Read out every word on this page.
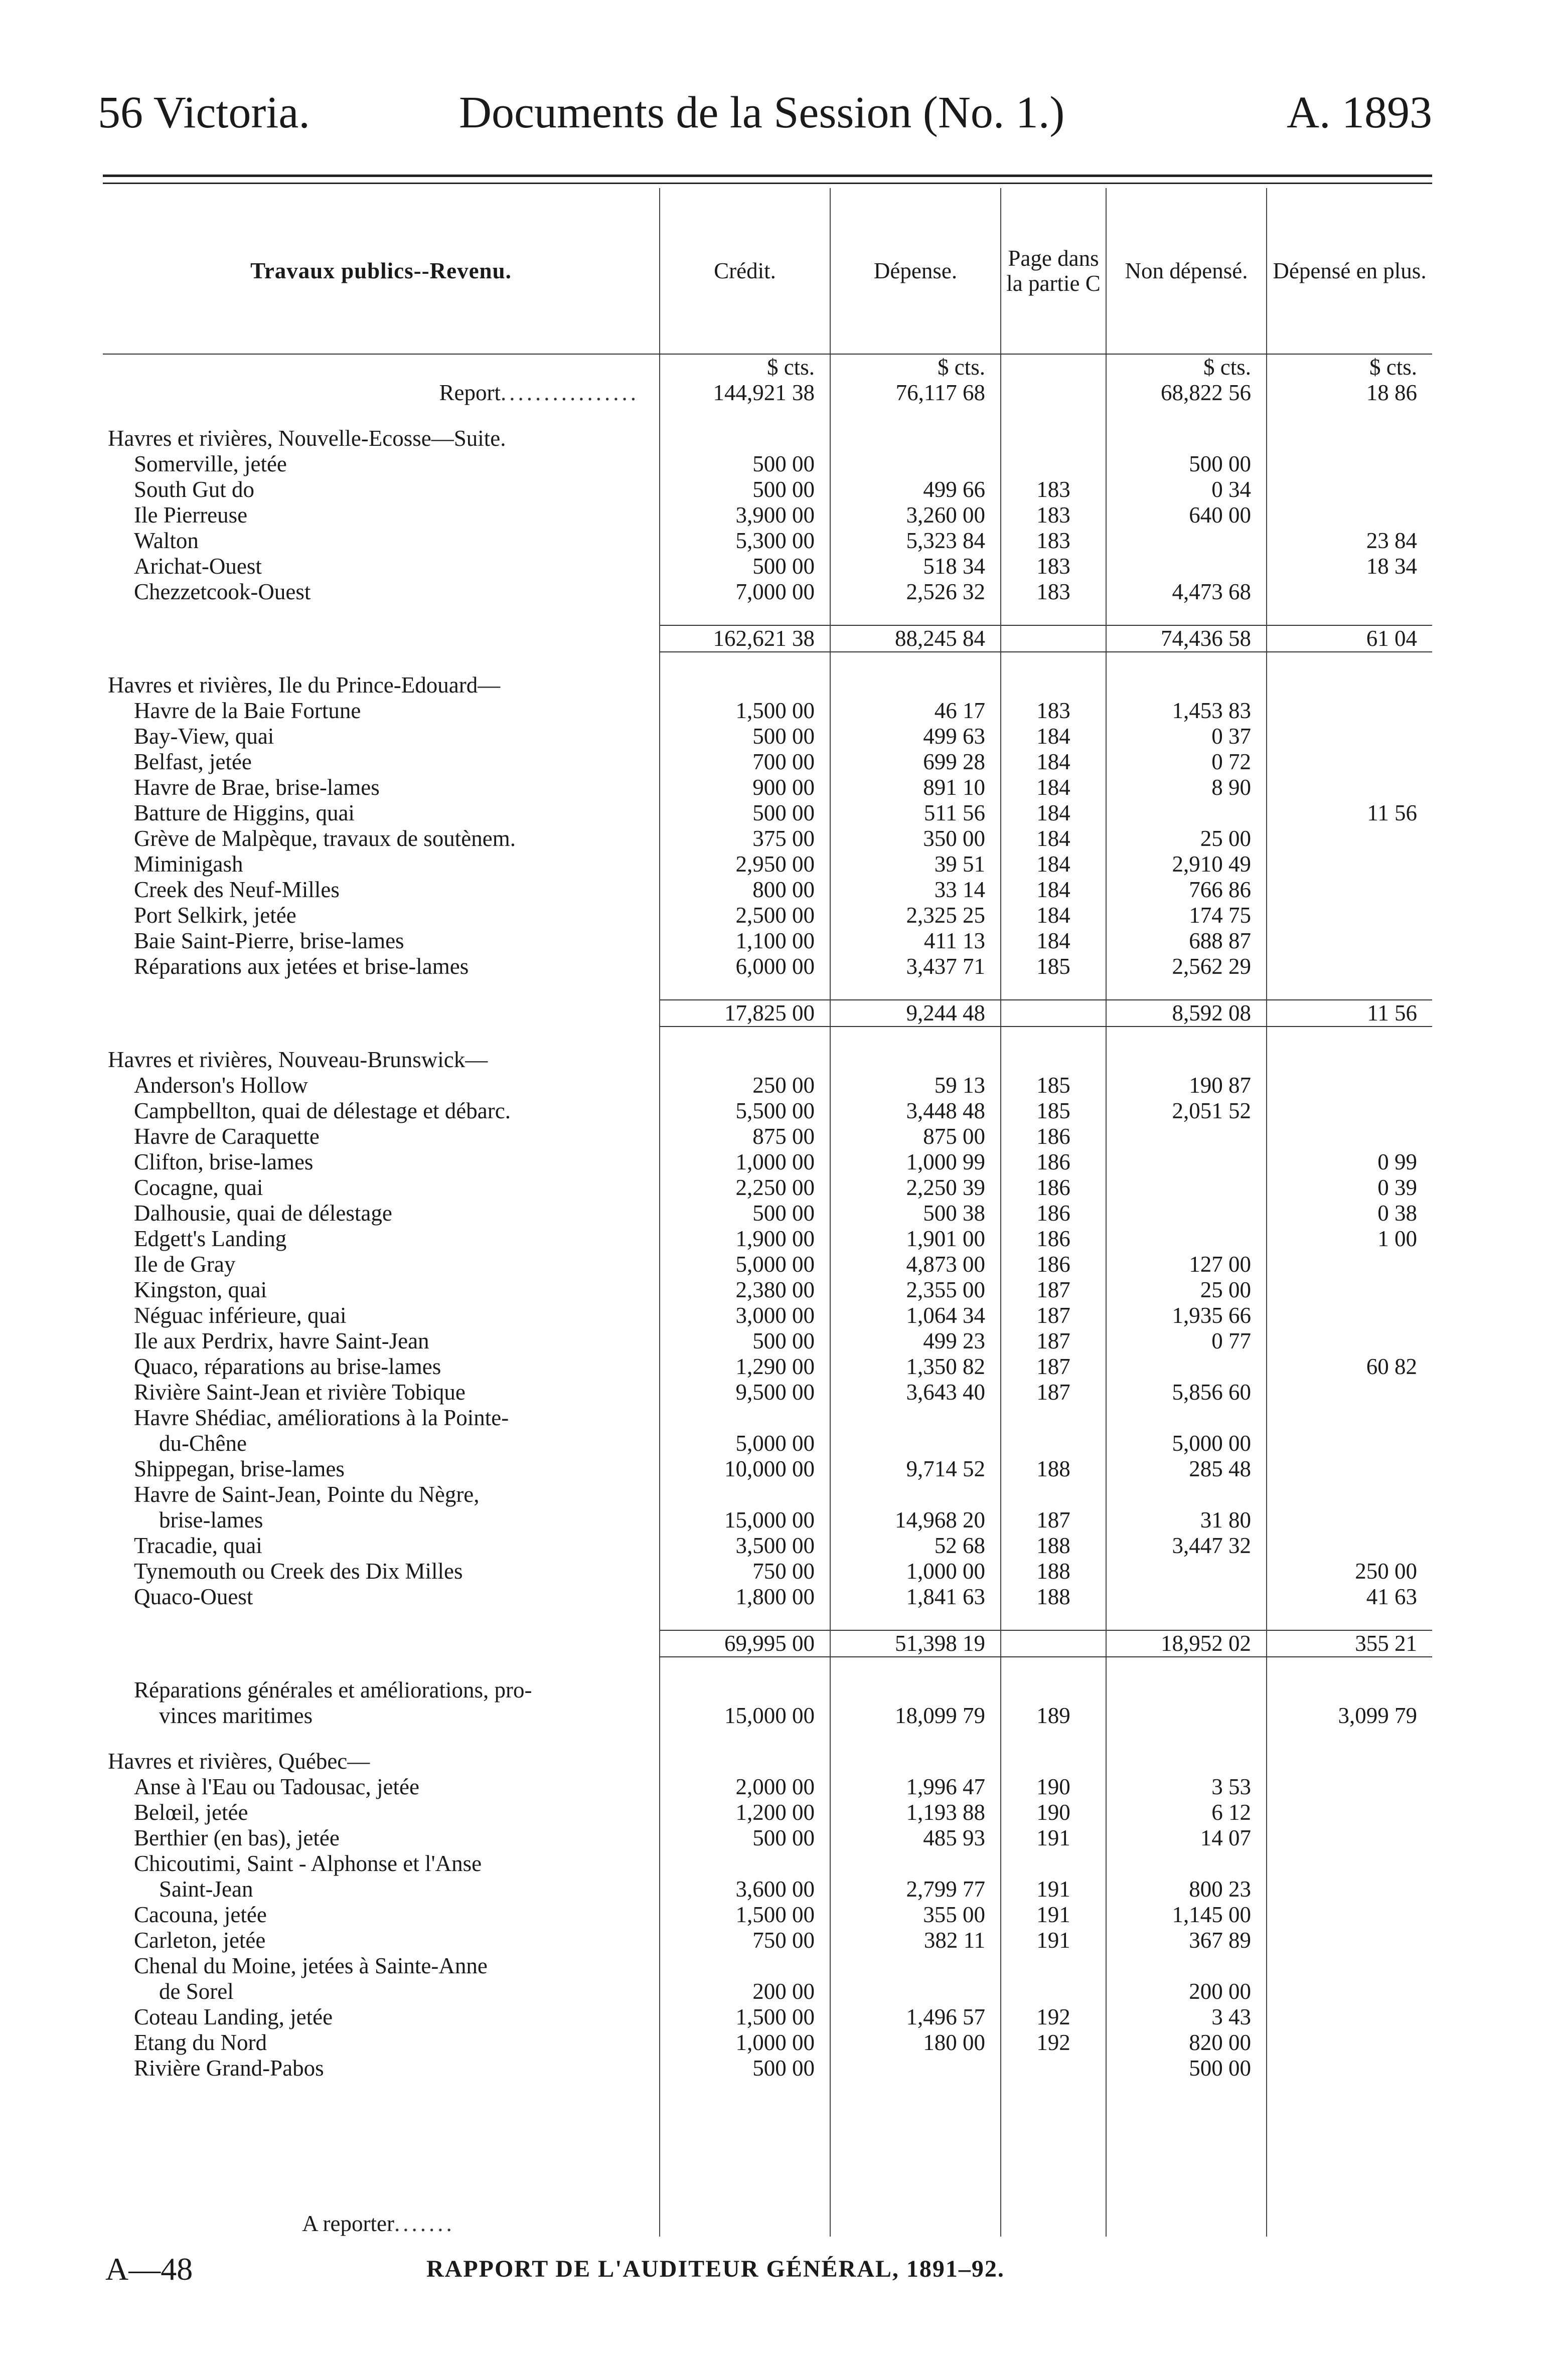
56 Victoria.	Documents de la Session (No. 1.)	A. 1893
Travaux publics--Revenu.	Crédit.	Dépense.	Page dans la partie C	Non dépensé.	Dépensé en plus.
	$ cts.	$ cts.		$ cts.	$ cts.
Report................	144,921 38	76,117 68		68,822 56	18 86

Havres et rivières, Nouvelle-Ecosse—Suite.					
Somerville, jetée	500 00			500 00	
South Gut do	500 00	499 66	183	0 34	
Ile Pierreuse	3,900 00	3,260 00	183	640 00	
Walton	5,300 00	5,323 84	183		23 84
Arichat-Ouest	500 00	518 34	183		18 34
Chezzetcook-Ouest	7,000 00	2,526 32	183	4,473 68	

	162,621 38	88,245 84		74,436 58	61 04

Havres et rivières, Ile du Prince-Edouard—					
Havre de la Baie Fortune	1,500 00	46 17	183	1,453 83	
Bay-View, quai	500 00	499 63	184	0 37	
Belfast, jetée	700 00	699 28	184	0 72	
Havre de Brae, brise-lames	900 00	891 10	184	8 90	
Batture de Higgins, quai	500 00	511 56	184		11 56
Grève de Malpèque, travaux de soutènem.	375 00	350 00	184	25 00	
Miminigash	2,950 00	39 51	184	2,910 49	
Creek des Neuf-Milles	800 00	33 14	184	766 86	
Port Selkirk, jetée	2,500 00	2,325 25	184	174 75	
Baie Saint-Pierre, brise-lames	1,100 00	411 13	184	688 87	
Réparations aux jetées et brise-lames	6,000 00	3,437 71	185	2,562 29	

	17,825 00	9,244 48		8,592 08	11 56

Havres et rivières, Nouveau-Brunswick—					
Anderson's Hollow	250 00	59 13	185	190 87	
Campbellton, quai de délestage et débarc.	5,500 00	3,448 48	185	2,051 52	
Havre de Caraquette	875 00	875 00	186		
Clifton, brise-lames	1,000 00	1,000 99	186		0 99
Cocagne, quai	2,250 00	2,250 39	186		0 39
Dalhousie, quai de délestage	500 00	500 38	186		0 38
Edgett's Landing	1,900 00	1,901 00	186		1 00
Ile de Gray	5,000 00	4,873 00	186	127 00	
Kingston, quai	2,380 00	2,355 00	187	25 00	
Néguac inférieure, quai	3,000 00	1,064 34	187	1,935 66	
Ile aux Perdrix, havre Saint-Jean	500 00	499 23	187	0 77	
Quaco, réparations au brise-lames	1,290 00	1,350 82	187		60 82
Rivière Saint-Jean et rivière Tobique	9,500 00	3,643 40	187	5,856 60	
Havre Shédiac, améliorations à la Pointe-					
du-Chêne	5,000 00			5,000 00	
Shippegan, brise-lames	10,000 00	9,714 52	188	285 48	
Havre de Saint-Jean, Pointe du Nègre,					
brise-lames	15,000 00	14,968 20	187	31 80	
Tracadie, quai	3,500 00	52 68	188	3,447 32	
Tynemouth ou Creek des Dix Milles	750 00	1,000 00	188		250 00
Quaco-Ouest	1,800 00	1,841 63	188		41 63

	69,995 00	51,398 19		18,952 02	355 21

Réparations générales et améliorations, pro-					
vinces maritimes	15,000 00	18,099 79	189		3,099 79

Havres et rivières, Québec—					
Anse à l'Eau ou Tadousac, jetée	2,000 00	1,996 47	190	3 53	
Belœil, jetée	1,200 00	1,193 88	190	6 12	
Berthier (en bas), jetée	500 00	485 93	191	14 07	
Chicoutimi, Saint - Alphonse et l'Anse					
Saint-Jean	3,600 00	2,799 77	191	800 23	
Cacouna, jetée	1,500 00	355 00	191	1,145 00	
Carleton, jetée	750 00	382 11	191	367 89	
Chenal du Moine, jetées à Sainte-Anne					
de Sorel	200 00			200 00	
Coteau Landing, jetée	1,500 00	1,496 57	192	3 43	
Etang du Nord	1,000 00	180 00	192	820 00	
Rivière Grand-Pabos	500 00			500 00	

A reporter.......					
A—48	RAPPORT DE L'AUDITEUR GÉNÉRAL, 1891–92.
